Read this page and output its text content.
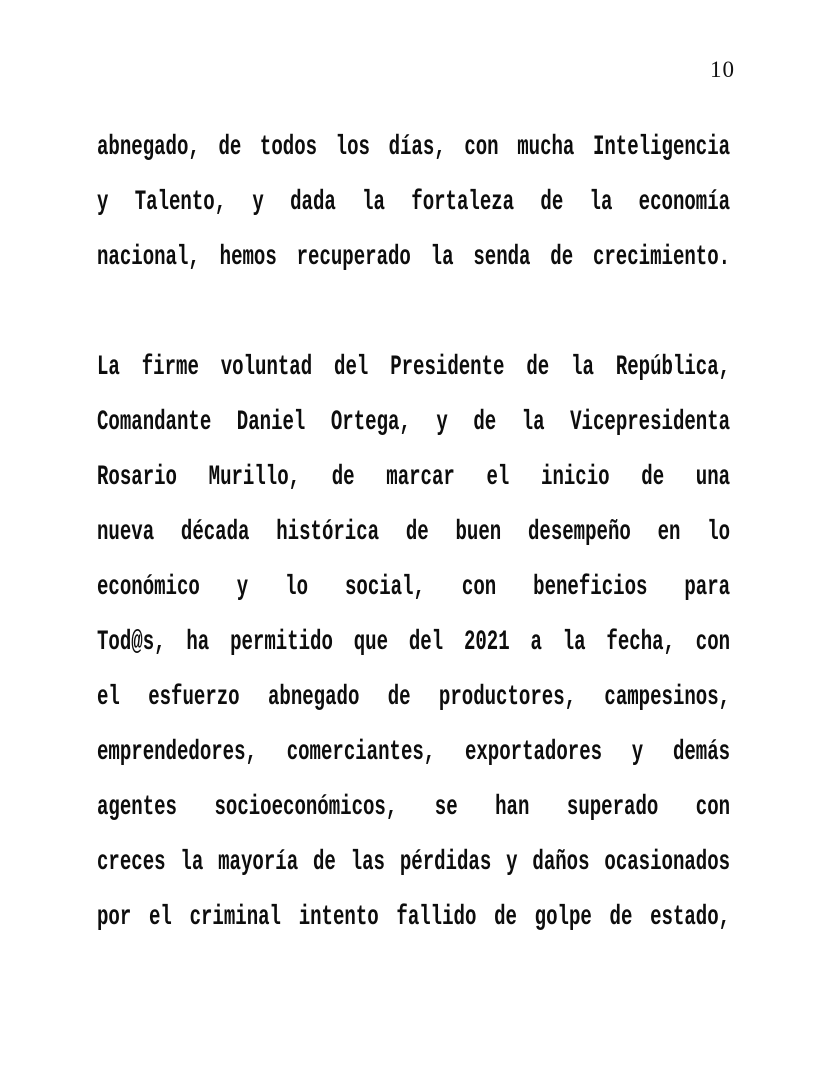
10
abnegado, de todos los días, con mucha Inteligencia
y Talento, y dada la fortaleza de la economía
nacional, hemos recuperado la senda de crecimiento.
La firme voluntad del Presidente de la República,
Comandante Daniel Ortega, y de la Vicepresidenta
Rosario Murillo, de marcar el inicio de una
nueva década histórica de buen desempeño en lo
económico y lo social, con beneficios para
Tod@s, ha permitido que del 2021 a la fecha, con
el esfuerzo abnegado de productores, campesinos,
emprendedores, comerciantes, exportadores y demás
agentes socioeconómicos, se han superado con
creces la mayoría de las pérdidas y daños ocasionados
por el criminal intento fallido de golpe de estado,
